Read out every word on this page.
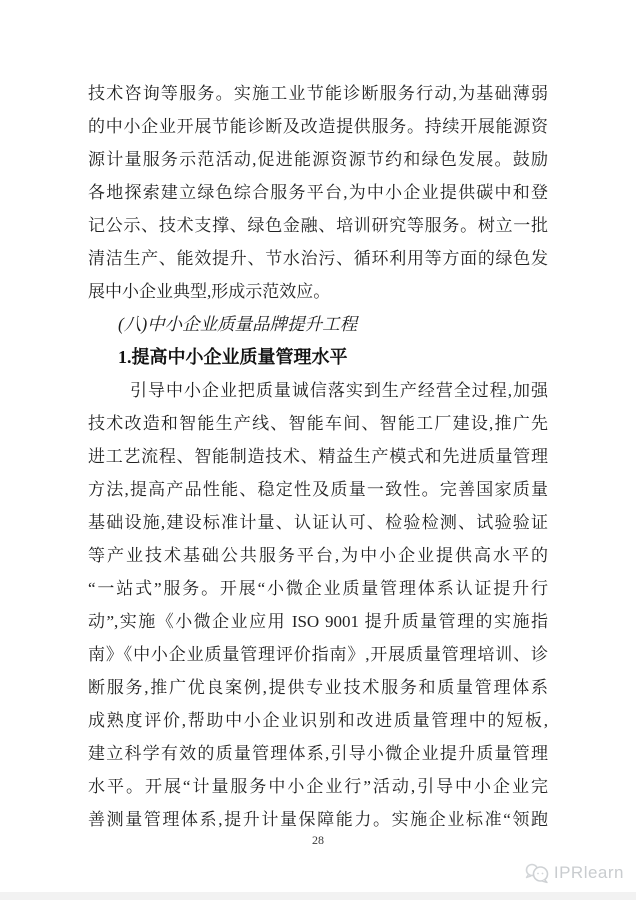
技术咨询等服务。实施工业节能诊断服务行动,为基础薄弱
的中小企业开展节能诊断及改造提供服务。持续开展能源资
源计量服务示范活动,促进能源资源节约和绿色发展。鼓励
各地探索建立绿色综合服务平台,为中小企业提供碳中和登
记公示、技术支撑、绿色金融、培训研究等服务。树立一批
清洁生产、能效提升、节水治污、循环利用等方面的绿色发
展中小企业典型,形成示范效应。
(八)中小企业质量品牌提升工程
1.提高中小企业质量管理水平
引导中小企业把质量诚信落实到生产经营全过程,加强
技术改造和智能生产线、智能车间、智能工厂建设,推广先
进工艺流程、智能制造技术、精益生产模式和先进质量管理
方法,提高产品性能、稳定性及质量一致性。完善国家质量
基础设施,建设标准计量、认证认可、检验检测、试验验证
等产业技术基础公共服务平台,为中小企业提供高水平的
“一站式”服务。开展“小微企业质量管理体系认证提升行
动”,实施《小微企业应用 ISO 9001 提升质量管理的实施指
南》《中小企业质量管理评价指南》,开展质量管理培训、诊
断服务,推广优良案例,提供专业技术服务和质量管理体系
成熟度评价,帮助中小企业识别和改进质量管理中的短板,
建立科学有效的质量管理体系,引导小微企业提升质量管理
水平。开展“计量服务中小企业行”活动,引导中小企业完
善测量管理体系,提升计量保障能力。实施企业标准“领跑
28
IPRlearn
